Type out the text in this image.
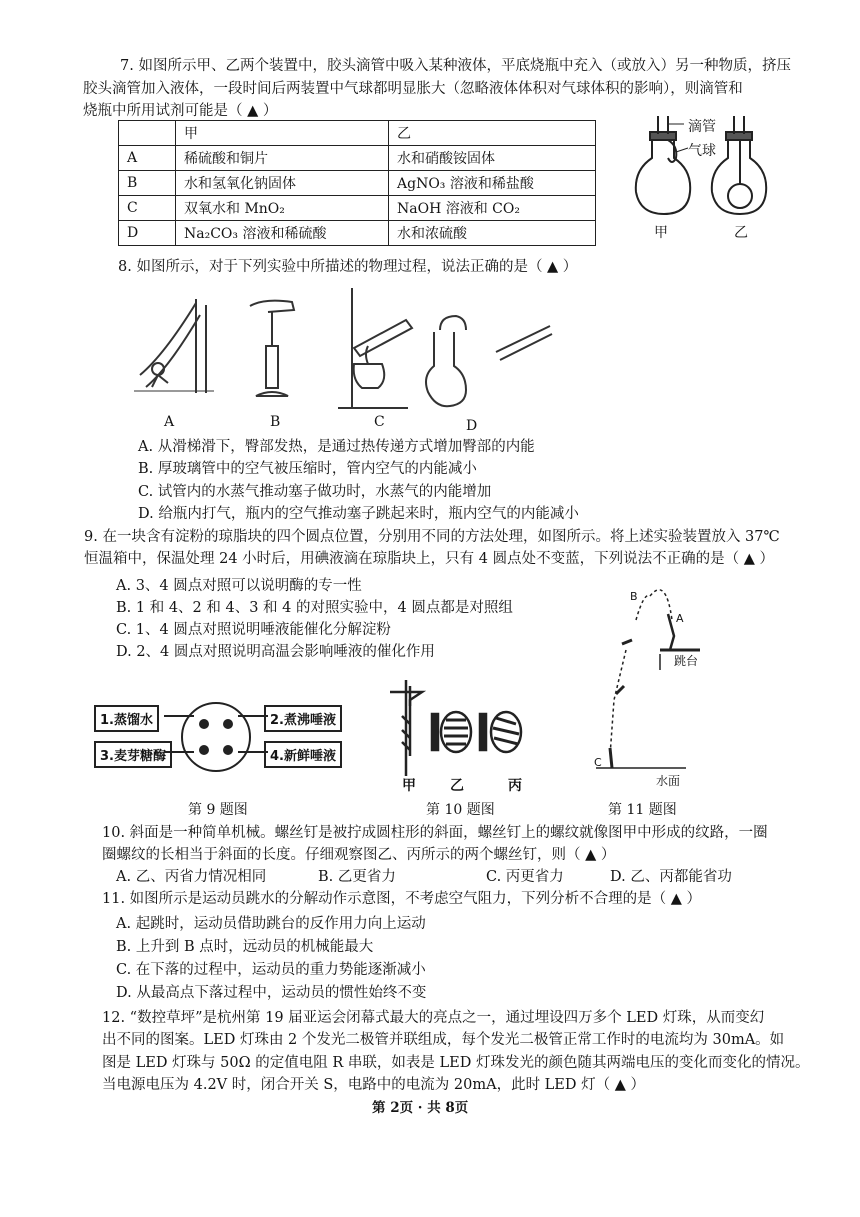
7. 如图所示甲、乙两个装置中，胶头滴管中吸入某种液体，平底烧瓶中充入（或放入）另一种物质，挤压
胶头滴管加入液体，一段时间后两装置中气球都明显胀大（忽略液体体积对气球体积的影响），则滴管和
烧瓶中所用试剂可能是（ ▲ ）
	甲	乙
A	稀硫酸和铜片	水和硝酸铵固体
B	水和氢氧化钠固体	AgNO₃ 溶液和稀盐酸
C	双氧水和 MnO₂	NaOH 溶液和 CO₂
D	Na₂CO₃ 溶液和稀硫酸	水和浓硫酸
滴管
气球
甲	乙
8. 如图所示，对于下列实验中所描述的物理过程，说法正确的是（ ▲ ）
A	B	C	D
A. 从滑梯滑下，臀部发热，是通过热传递方式增加臀部的内能
B. 厚玻璃管中的空气被压缩时，管内空气的内能减小
C. 试管内的水蒸气推动塞子做功时，水蒸气的内能增加
D. 给瓶内打气，瓶内的空气推动塞子跳起来时，瓶内空气的内能减小
9. 在一块含有淀粉的琼脂块的四个圆点位置，分别用不同的方法处理，如图所示。将上述实验装置放入 37℃
恒温箱中，保温处理 24 小时后，用碘液滴在琼脂块上，只有 4 圆点处不变蓝，下列说法不正确的是（ ▲ ）
A. 3、4 圆点对照可以说明酶的专一性
B. 1 和 4、2 和 4、3 和 4 的对照实验中，4 圆点都是对照组
C. 1、4 圆点对照说明唾液能催化分解淀粉
D. 2、4 圆点对照说明高温会影响唾液的催化作用
1.蒸馏水	2.煮沸唾液
3.麦芽糖酶	4.新鲜唾液
第 9 题图
甲 乙	丙
第 10 题图
B
A
C
跳台
水面
第 11 题图
10. 斜面是一种简单机械。螺丝钉是被拧成圆柱形的斜面，螺丝钉上的螺纹就像图甲中形成的纹路，一圈
圈螺纹的长相当于斜面的长度。仔细观察图乙、丙所示的两个螺丝钉，则（ ▲ ）
A. 乙、丙省力情况相同	B. 乙更省力	C. 丙更省力	D. 乙、丙都能省功
11. 如图所示是运动员跳水的分解动作示意图，不考虑空气阻力，下列分析不合理的是（ ▲ ）
A. 起跳时，运动员借助跳台的反作用力向上运动
B. 上升到 B 点时，远动员的机械能最大
C. 在下落的过程中，运动员的重力势能逐渐减小
D. 从最高点下落过程中，运动员的惯性始终不变
12. “数控草坪”是杭州第 19 届亚运会闭幕式最大的亮点之一，通过埋设四万多个 LED 灯珠，从而变幻
出不同的图案。LED 灯珠由 2 个发光二极管并联组成，每个发光二极管正常工作时的电流均为 30mA。如
图是 LED 灯珠与 50Ω 的定值电阻 R 串联，如表是 LED 灯珠发光的颜色随其两端电压的变化而变化的情况。
当电源电压为 4.2V 时，闭合开关 S，电路中的电流为 20mA，此时 LED 灯（ ▲ ）
第 2页 · 共 8页
